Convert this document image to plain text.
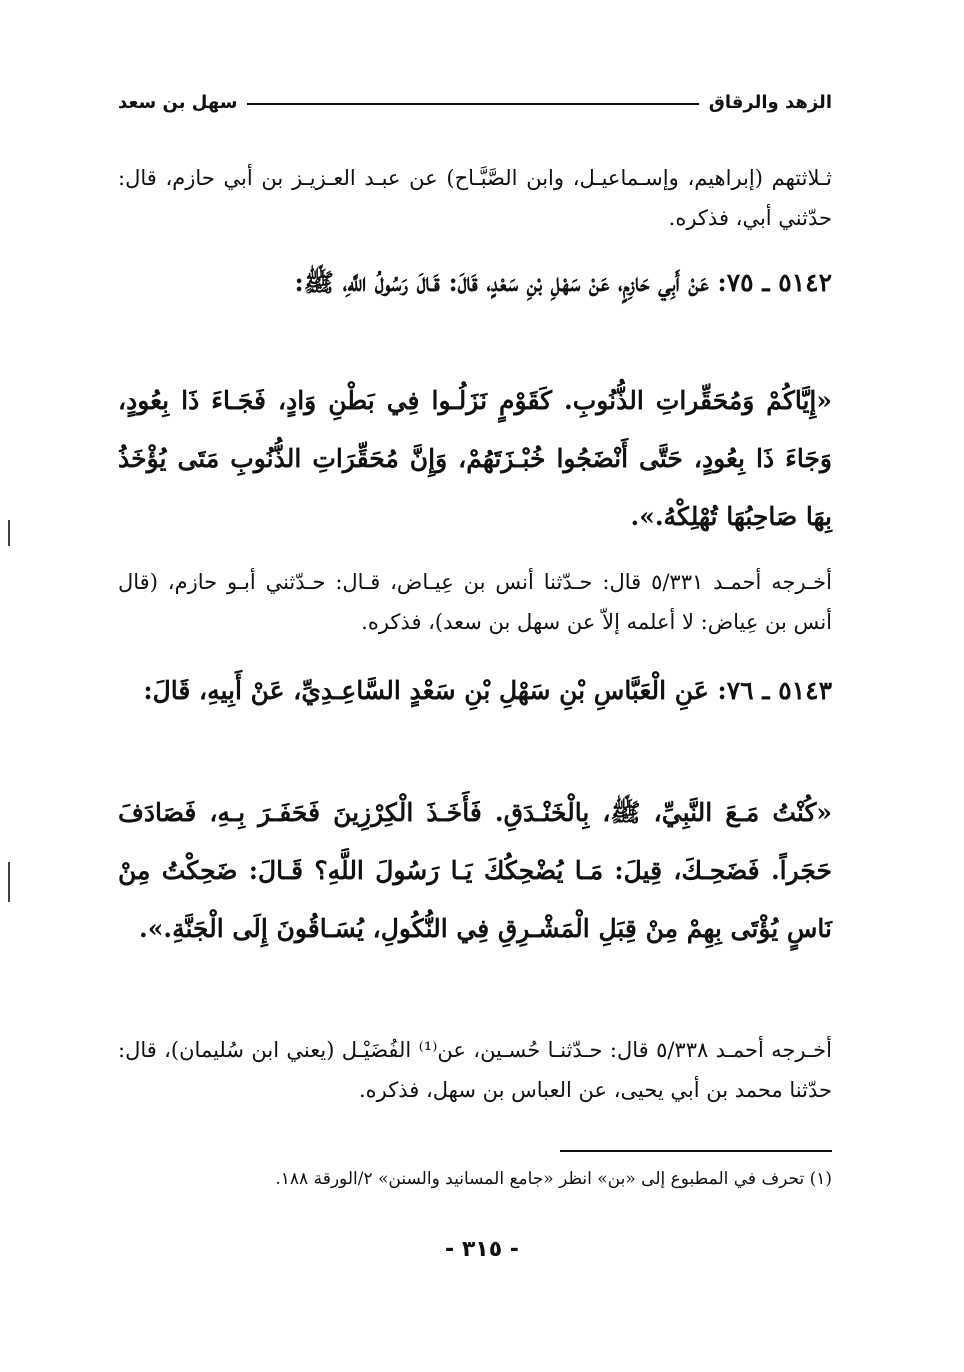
الزهد والرقاق
سهل بن سعد

ثـلاثتهم (إبراهيم، وإسـماعيـل، وابن الصَّبَّـاح) عن عبـد العـزيـز بن أبي حازم، قال: حدّثني أبي، فذكره.

٥١٤٢ ـ ٧٥: عَنْ أَبِي حَازِمٍ، عَنْ سَهْلِ بْنِ سَعْدٍ، قَالَ: قَـالَ رَسُولُ اللَّهِ، ﷺ:

«إِيَّاكُمْ وَمُحَقِّراتِ الذُّنُوبِ. كَقَوْمٍ نَزَلُـوا فِي بَطْنِ وَادٍ، فَجَـاءَ ذَا بِعُودٍ، وَجَاءَ ذَا بِعُودٍ، حَتَّى أَنْضَجُوا خُبْـزَتَهُمْ، وَإِنَّ مُحَقِّرَاتِ الذُّنُوبِ مَتَى يُؤْخَذُ بِهَا صَاحِبُهَا تُهْلِكْهُ.».

أخـرجه أحمـد ٥/٣٣١ قال: حـدّثنا أنس بن عِيـاض، قـال: حـدّثني أبـو حازم، (قال أنس بن عِياض: لا أعلمه إلاّ عن سهل بن سعد)، فذكره.

٥١٤٣ ـ ٧٦: عَنِ الْعَبَّاسِ بْنِ سَهْلِ بْنِ سَعْدٍ السَّاعِـدِيِّ، عَنْ أَبِيهِ، قَالَ:

«كُنْتُ مَـعَ النَّبِيِّ، ﷺ، بِالْخَنْـدَقِ. فَأَخَـذَ الْكِرْزِينَ فَحَفَـرَ بِـهِ، فَصَادَفَ حَجَراً. فَضَحِـكَ، قِيلَ: مَـا يُضْحِكُكَ يَـا رَسُولَ اللَّهِ؟ قَـالَ: ضَحِكْتُ مِنْ نَاسٍ يُؤْتَى بِهِمْ مِنْ قِبَلِ الْمَشْـرِقِ فِي النُّكُولِ، يُسَـاقُونَ إِلَى الْجَنَّةِ.».

أخـرجه أحمـد ٥/٣٣٨ قال: حـدّثنـا حُسـين، عن⁽¹⁾ الفُضَيْـل (يعني ابن سُليمان)، قال: حدّثنا محمد بن أبي يحيى، عن العباس بن سهل، فذكره.

(١) تحرف في المطبوع إلى «بن» انظر «جامع المسانيد والسنن» ٢/الورقة ١٨٨.

- ٣١٥ -
